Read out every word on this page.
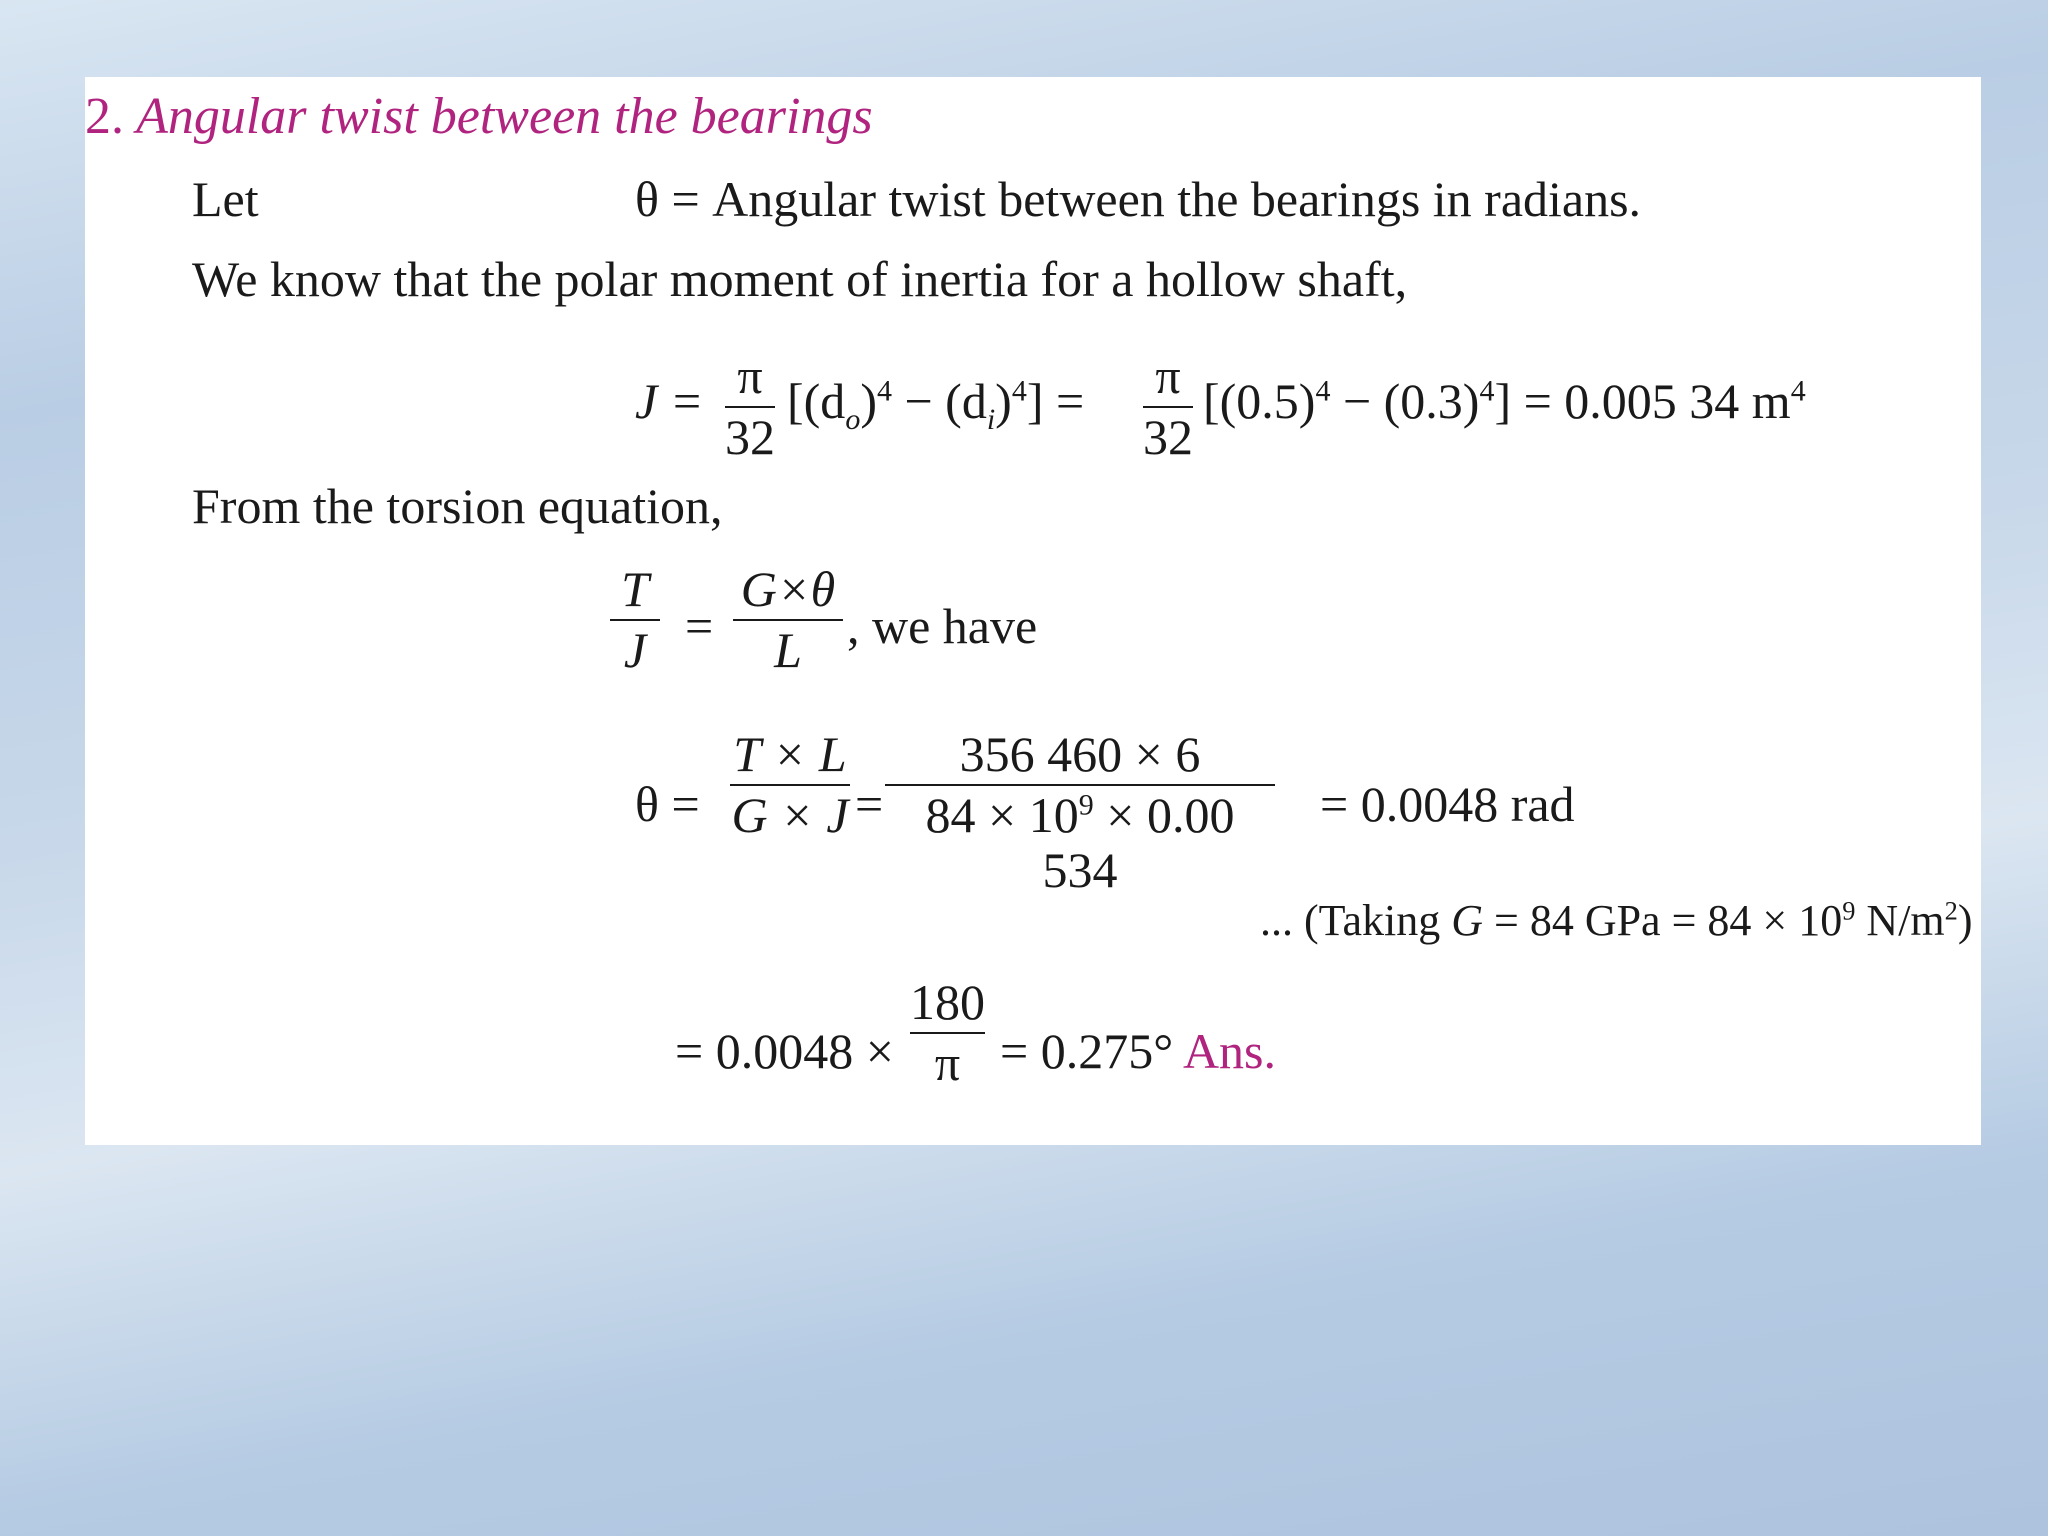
2. Angular twist between the bearings
Let	θ = Angular twist between the bearings in radians.
We know that the polar moment of inertia for a hollow shaft,
J = π
32
$[(d_o)^4 - (d_i)^4] = \pi$
32
$[(0.5)^4 - (0.3)^4] = 0.005$ 34 $m^4$
From the torsion equation,
T
J =
G×θ
L , we have
θ =
T × L
G × J =
356 460 × 6
$84 \times 10^9 \times 0.00$ 534
= 0.0048 rad
... (Taking G = 84 GPa = $84 \times 10^9$ $N/m^2$)
= 0.0048 ×
180
π = 0.275° Ans.
